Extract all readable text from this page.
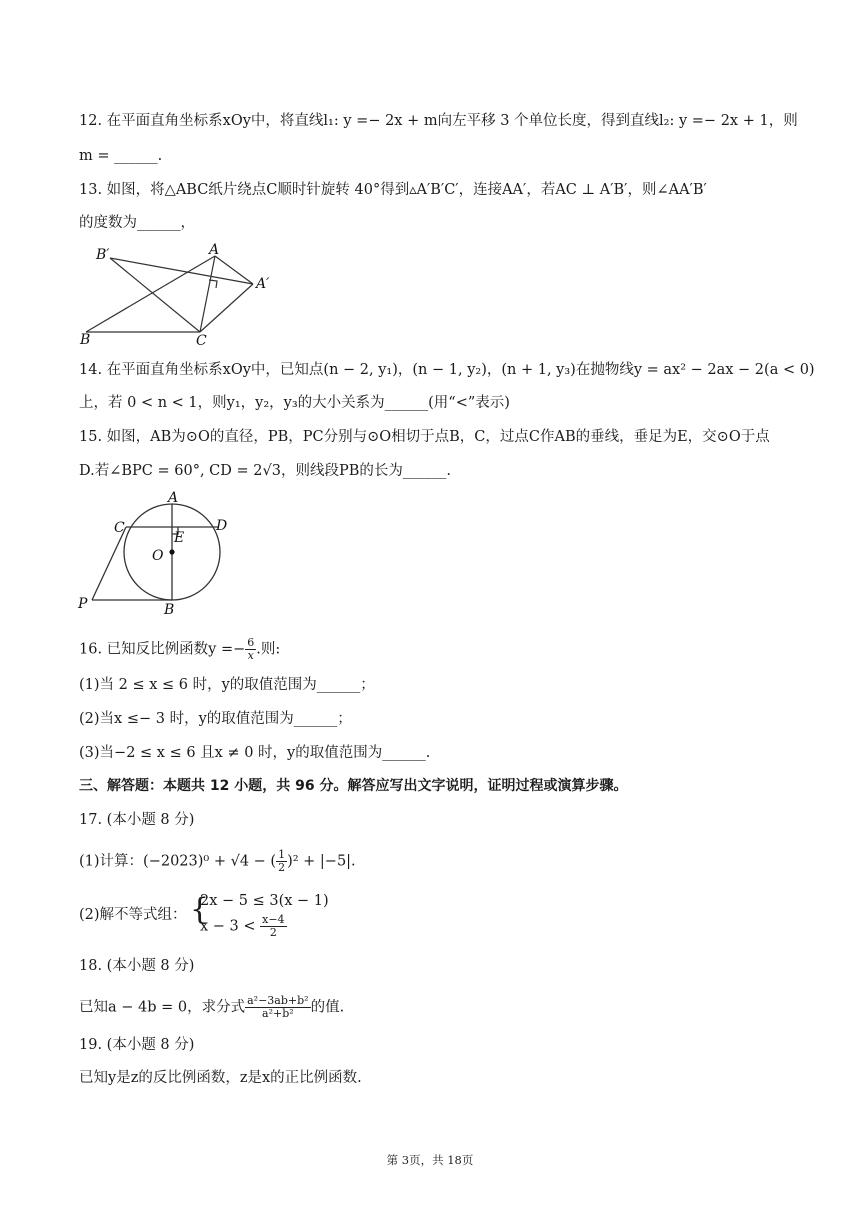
12. 在平面直角坐标系xOy中，将直线l₁: y =− 2x + m向左平移 3 个单位长度，得到直线l₂: y =− 2x + 1，则
m = ______.
13. 如图，将△ABC纸片绕点C顺时针旋转 40°得到▵A′B′C′，连接AA′，若AC ⊥ A′B′，则∠AA′B′
的度数为______，
B′	A
A′
B	C
14. 在平面直角坐标系xOy中，已知点(n − 2, y₁)，(n − 1, y₂)，(n + 1, y₃)在抛物线y = ax² − 2ax − 2(a < 0)
上，若 0 < n < 1，则y₁，y₂，y₃的大小关系为______(用“<”表示)
15. 如图，AB为⊙O的直径，PB，PC分别与⊙O相切于点B，C，过点C作AB的垂线，垂足为E，交⊙O于点
D.若∠BPC = 60°, CD = 2√3，则线段PB的长为______.
A
C	D
E
O
P	B
16. 已知反比例函数$y =- \frac{6}{x}$ .则:
(1)当 2 ≤ x ≤ 6 时，y的取值范围为______；
(2)当x ≤− 3 时，y的取值范围为______；
(3)当−2 ≤ x ≤ 6 且x ≠ 0 时，y的取值范围为______.
三、解答题：本题共 12 小题，共 96 分。解答应写出文字说明，证明过程或演算步骤。
17. (本小题 8 分)
(1)计算：(−2023)⁰ + √4 − ( $\frac{1}{2} )^2 + |-5|$.
(2)解不等式组： {
2x − 5 ≤ 3(x − 1)
$x - 3 < \frac{x-4}{2}$
18. (本小题 8 分)
已知a − 4b = 0，求分式 $\frac{\text{a²−3ab+b²}}{\text{a²+b²}}$ 的值.
19. (本小题 8 分)
已知y是z的反比例函数，z是x的正比例函数.
第 3页，共 18页
